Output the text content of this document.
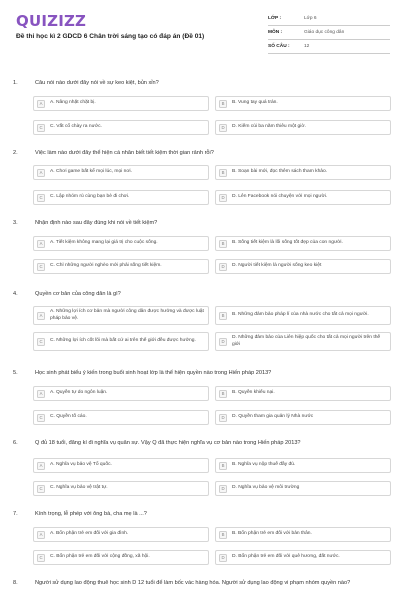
QUIZIZZ
Đề thi học kì 2 GDCD 6 Chân trời sáng tạo có đáp án (Đề 01)
LỚP :	Lớp 6
MÔN :	Giáo dục công dân
SỐ CÂU :	12
1.	Câu nói nào dưới đây nói về sự keo kiệt, bủn xỉn?
A	A. Nâng nhặt chặt bị.	B	B. Vung tay quá trán.
C	C. Vắt cổ chày ra nước.	D	D. Kiếm củi ba năm thiêu một giờ.
2.	Việc làm nào dưới đây thể hiện cá nhân biết tiết kiệm thời gian rảnh rỗi?
A	A. Chơi game bất kể mọi lúc, mọi nơi.	B	B. Soạn bài mới, đọc thêm sách tham khảo.
C	C. Lập nhóm rủ cùng bạn bè đi chơi.	D	D. Lên Facebook nói chuyện với mọi người.
3.	Nhận định nào sau đây đúng khi nói về tiết kiệm?
A	A. Tiết kiệm không mang lại giá trị cho cuộc sống.	B	B. Sống tiết kiệm là lối sống tốt đẹp của con người.
C	C. Chỉ những người nghèo mới phải sống tiết kiệm.	D	D. Người tiết kiệm là người sống keo kiệt
4.	Quyền cơ bản của công dân là gì?
A
A. Những lợi ích cơ bản mà người công dân được hưởng và được luật pháp bảo vệ.	B	B. Những đảm bảo pháp lí của nhà nước cho tất cả mọi người.
C	C. Những lợi ích cốt lõi mà bất cứ ai trên thế giới đều được hưởng.	D
D. Những đảm bảo của Liên hiệp quốc cho tất cả mọi người trên thế giới
5.	Học sinh phát biểu ý kiến trong buổi sinh hoạt lớp là thể hiện quyền nào trong Hiến pháp 2013?
A	A. Quyền tự do ngôn luận.	B	B. Quyền khiếu nại.
C	C. Quyền tố cáo.	D	D. Quyền tham gia quản lý Nhà nước
6.	Q đủ 18 tuổi, đăng kí đi nghĩa vụ quân sự. Vậy Q đã thực hiện nghĩa vụ cơ bản nào trong Hiến pháp 2013?
A	A. Nghĩa vụ bảo vệ Tổ quốc.	B	B. Nghĩa vụ nộp thuế đầy đủ.
C	C. Nghĩa vụ bảo vệ trật tự.	D	D. Nghĩa vụ bảo vệ môi trường
7.	Kính trọng, lễ phép với ông bà, cha mẹ là ...?
A	A. Bổn phận trẻ em đối với gia đình.	B	B. Bổn phận trẻ em đối với bản thân.
C	C. Bổn phận trẻ em đối với cộng đồng, xã hội.	D	D. Bổn phận trẻ em đối với quê hương, đất nước.
8.	Người sử dụng lao động thuê học sinh D 12 tuổi để làm bốc vác hàng hóa. Người sử dụng lao động vi phạm nhóm quyền nào?
